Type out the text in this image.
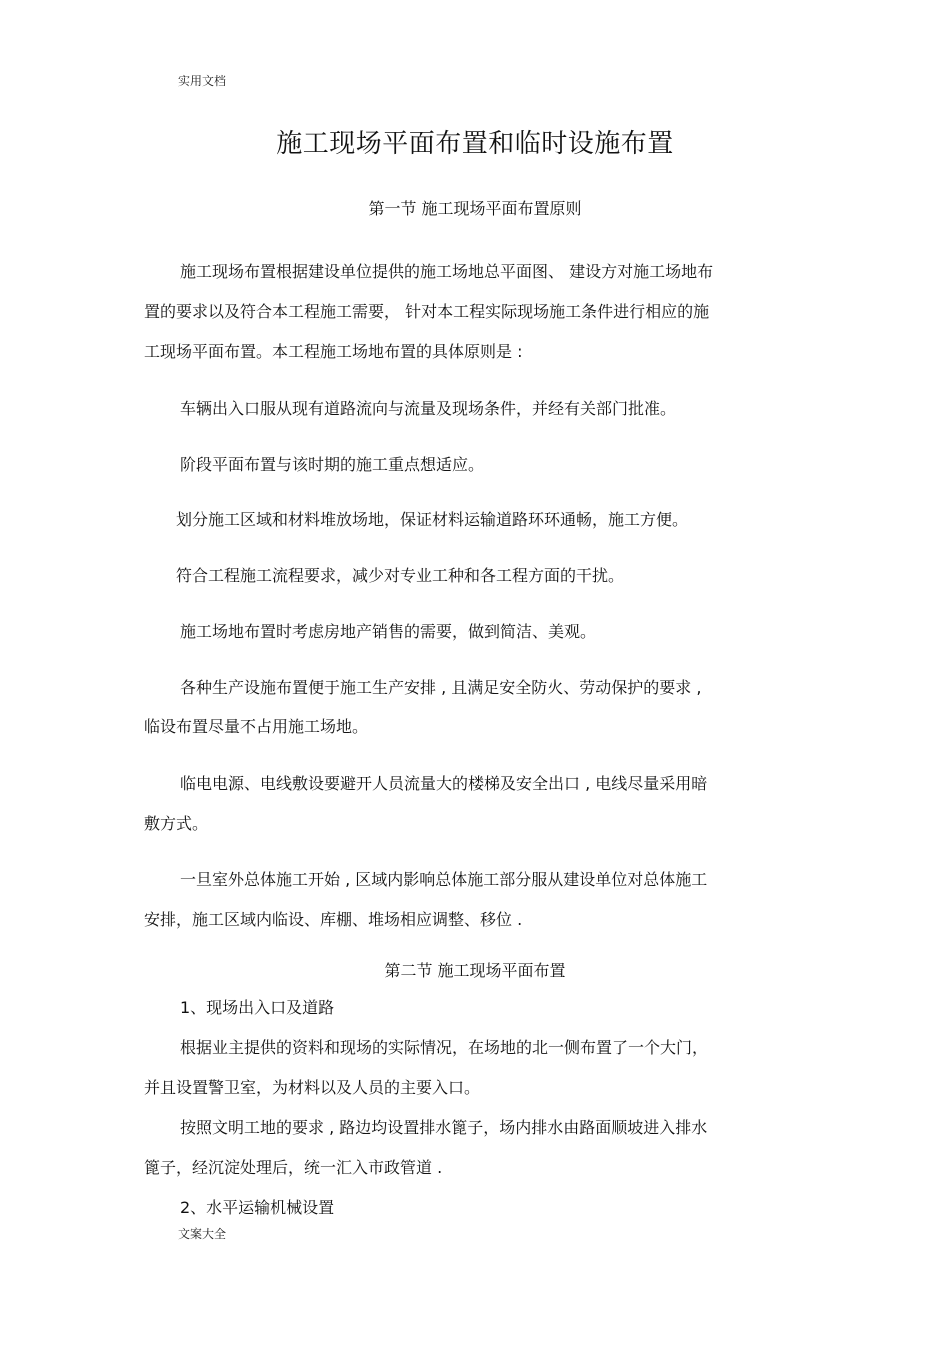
实用文档
施工现场平面布置和临时设施布置
第一节 施工现场平面布置原则
施工现场布置根据建设单位提供的施工场地总平面图、 建设方对施工场地布
置的要求以及符合本工程施工需要， 针对本工程实际现场施工条件进行相应的施
工现场平面布置。本工程施工场地布置的具体原则是 :
车辆出入口服从现有道路流向与流量及现场条件，并经有关部门批准。
阶段平面布置与该时期的施工重点想适应。
划分施工区域和材料堆放场地，保证材料运输道路环环通畅，施工方便。
符合工程施工流程要求，减少对专业工种和各工程方面的干扰。
施工场地布置时考虑房地产销售的需要，做到简洁、美观。
各种生产设施布置便于施工生产安排 , 且满足安全防火、劳动保护的要求 ,
临设布置尽量不占用施工场地。
临电电源、电线敷设要避开人员流量大的楼梯及安全出口 , 电线尽量采用暗
敷方式。
一旦室外总体施工开始 , 区域内影响总体施工部分服从建设单位对总体施工
安排，施工区域内临设、库棚、堆场相应调整、移位 .
第二节 施工现场平面布置
1、现场出入口及道路
根据业主提供的资料和现场的实际情况，在场地的北一侧布置了一个大门，
并且设置警卫室，为材料以及人员的主要入口。
按照文明工地的要求 , 路边均设置排水篦子，场内排水由路面顺坡进入排水
篦子，经沉淀处理后，统一汇入市政管道 .
2、水平运输机械设置
文案大全
